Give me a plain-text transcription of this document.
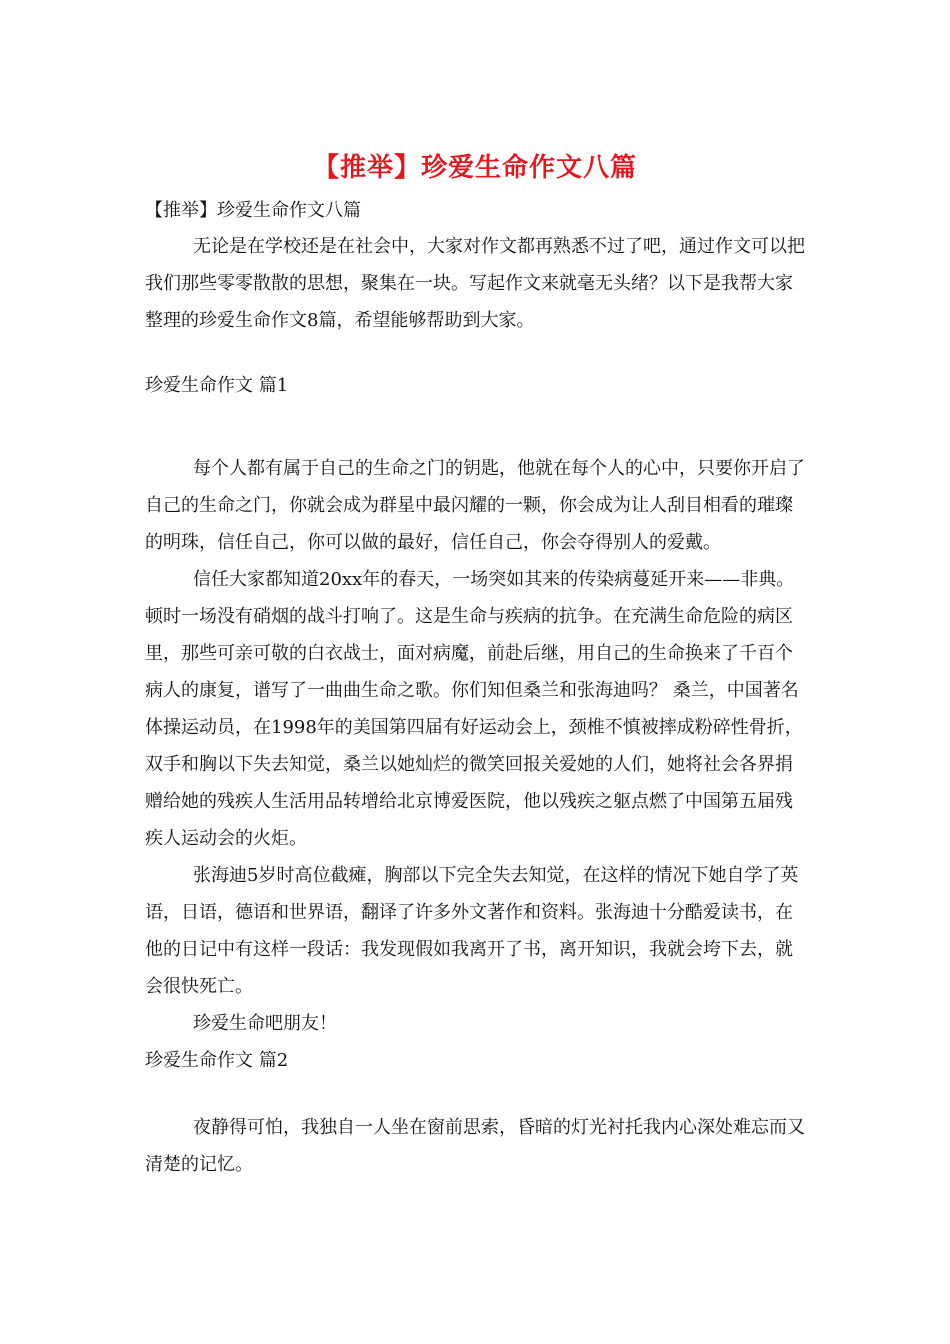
【推举】珍爱生命作文八篇

【推举】珍爱生命作文八篇

无论是在学校还是在社会中，大家对作文都再熟悉不过了吧，通过作文可以把我们那些零零散散的思想，聚集在一块。写起作文来就毫无头绪？以下是我帮大家整理的珍爱生命作文8篇，希望能够帮助到大家。

珍爱生命作文 篇1

每个人都有属于自己的生命之门的钥匙，他就在每个人的心中，只要你开启了自己的生命之门，你就会成为群星中最闪耀的一颗，你会成为让人刮目相看的璀璨的明珠，信任自己，你可以做的最好，信任自己，你会夺得别人的爱戴。

信任大家都知道20xx年的春天，一场突如其来的传染病蔓延开来——非典。顿时一场没有硝烟的战斗打响了。这是生命与疾病的抗争。在充满生命危险的病区里，那些可亲可敬的白衣战士，面对病魔，前赴后继，用自己的生命换来了千百个病人的康复，谱写了一曲曲生命之歌。你们知但桑兰和张海迪吗？ 桑兰，中国著名体操运动员，在1998年的美国第四届有好运动会上，颈椎不慎被摔成粉碎性骨折，双手和胸以下失去知觉，桑兰以她灿烂的微笑回报关爱她的人们，她将社会各界捐赠给她的残疾人生活用品转增给北京博爱医院，他以残疾之躯点燃了中国第五届残疾人运动会的火炬。

张海迪5岁时高位截瘫，胸部以下完全失去知觉，在这样的情况下她自学了英语，日语，德语和世界语，翻译了许多外文著作和资料。张海迪十分酷爱读书，在他的日记中有这样一段话：我发现假如我离开了书，离开知识，我就会垮下去，就会很快死亡。

珍爱生命吧朋友！

珍爱生命作文 篇2

夜静得可怕，我独自一人坐在窗前思索，昏暗的灯光衬托我内心深处难忘而又清楚的记忆。
